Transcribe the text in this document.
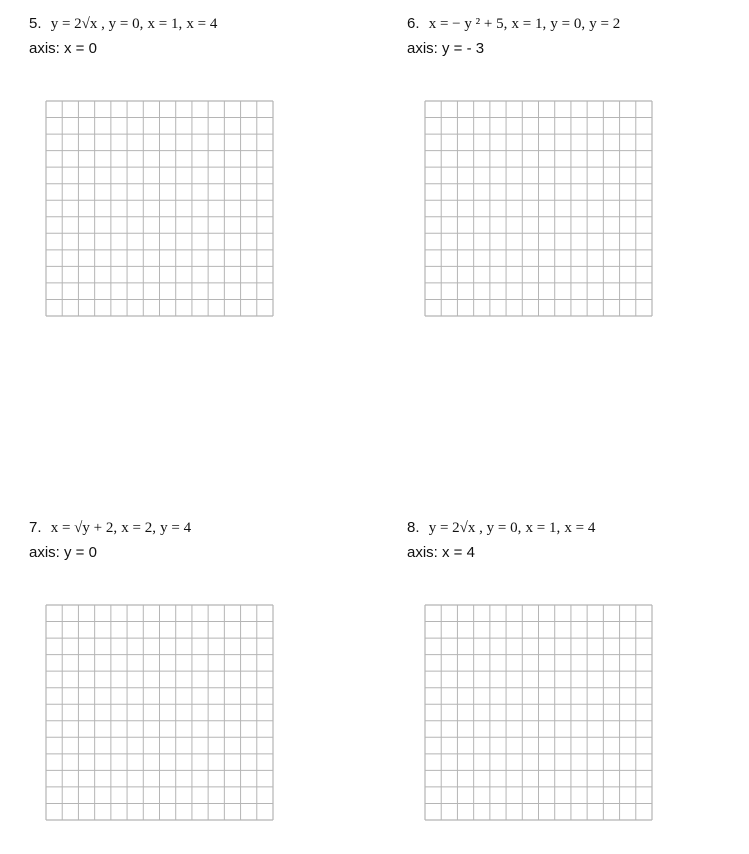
5. y = 2√x , y = 0, x = 1, x = 4
axis: x = 0
6. x = − y ² + 5, x = 1, y = 0, y = 2
axis: y = - 3
7. x = √y + 2, x = 2, y = 4
axis: y = 0
8. y = 2√x , y = 0, x = 1, x = 4
axis: x = 4
